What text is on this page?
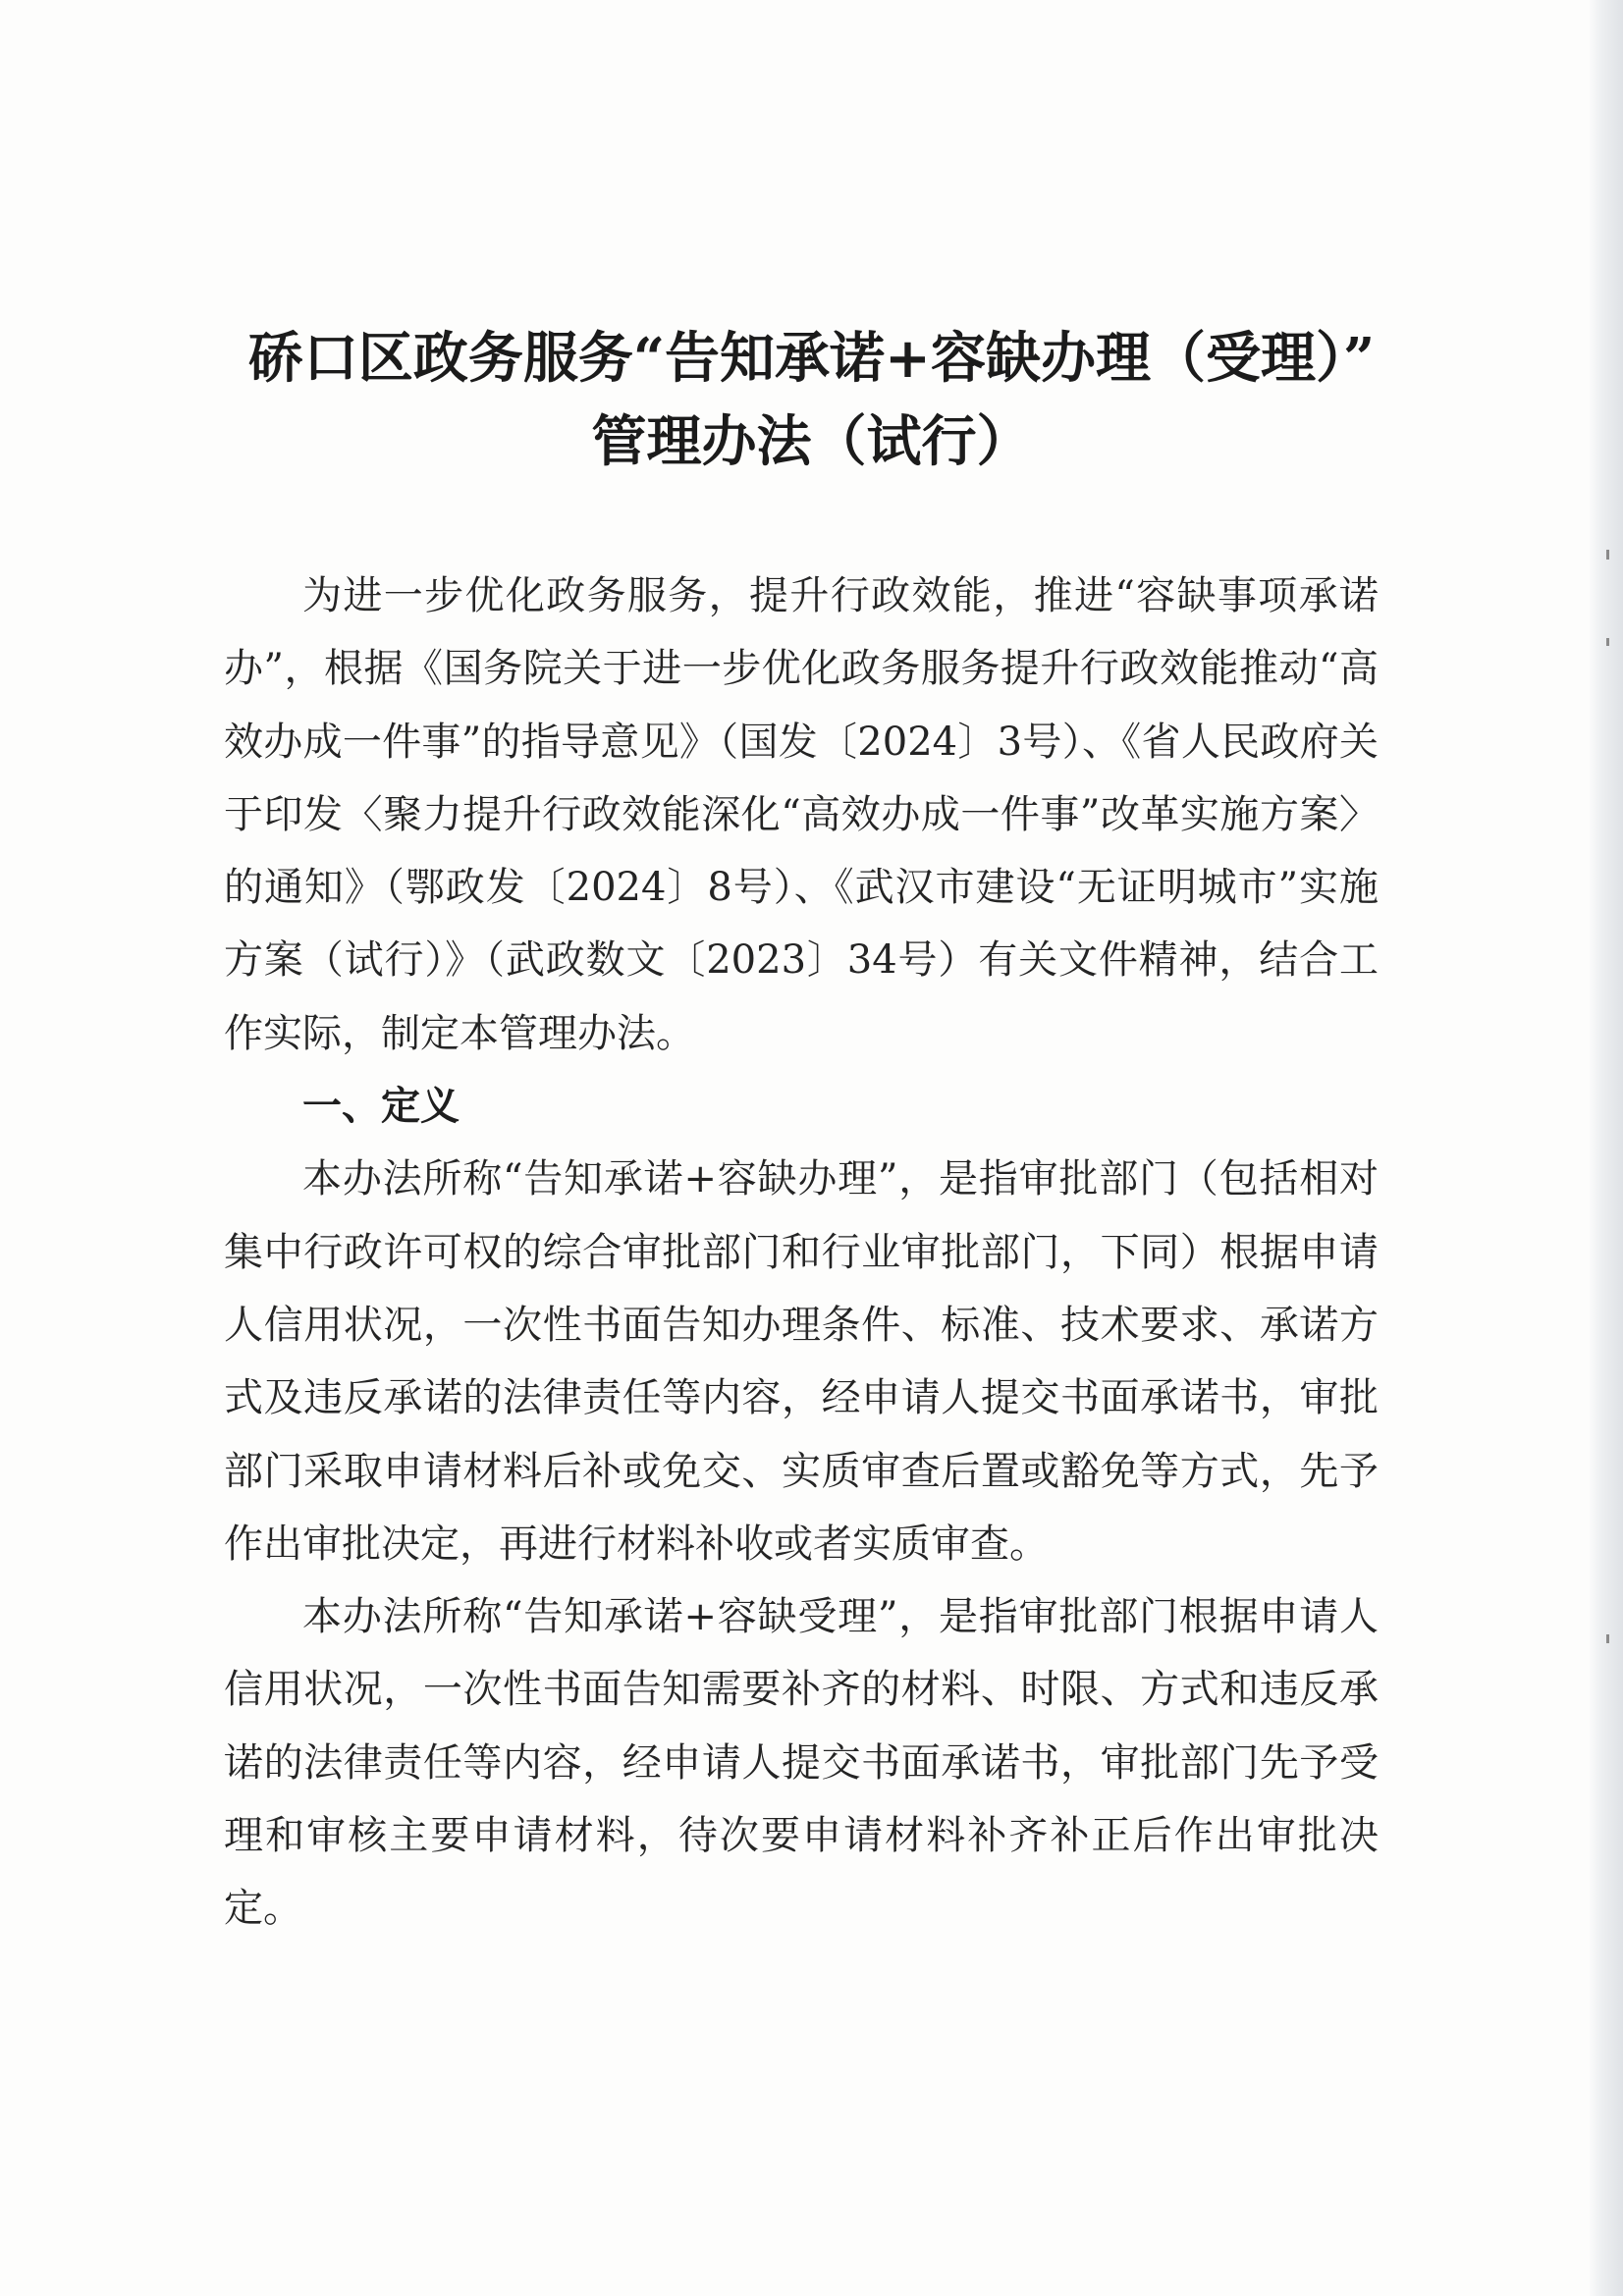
硚口区政务服务“告知承诺+容缺办理（受理）”
管理办法（试行）

为进一步优化政务服务，提升行政效能，推进“容缺事项承诺办”，根据《国务院关于进一步优化政务服务提升行政效能推动“高效办成一件事”的指导意见》（国发〔2024〕3号）、《省人民政府关于印发〈聚力提升行政效能深化“高效办成一件事”改革实施方案〉的通知》（鄂政发〔2024〕8号）、《武汉市建设“无证明城市”实施方案（试行）》（武政数文〔2023〕34号）有关文件精神，结合工作实际，制定本管理办法。

一、定义

本办法所称“告知承诺+容缺办理”，是指审批部门（包括相对集中行政许可权的综合审批部门和行业审批部门，下同）根据申请人信用状况，一次性书面告知办理条件、标准、技术要求、承诺方式及违反承诺的法律责任等内容，经申请人提交书面承诺书，审批部门采取申请材料后补或免交、实质审查后置或豁免等方式，先予作出审批决定，再进行材料补收或者实质审查。

本办法所称“告知承诺+容缺受理”，是指审批部门根据申请人信用状况，一次性书面告知需要补齐的材料、时限、方式和违反承诺的法律责任等内容，经申请人提交书面承诺书，审批部门先予受理和审核主要申请材料，待次要申请材料补齐补正后作出审批决定。
